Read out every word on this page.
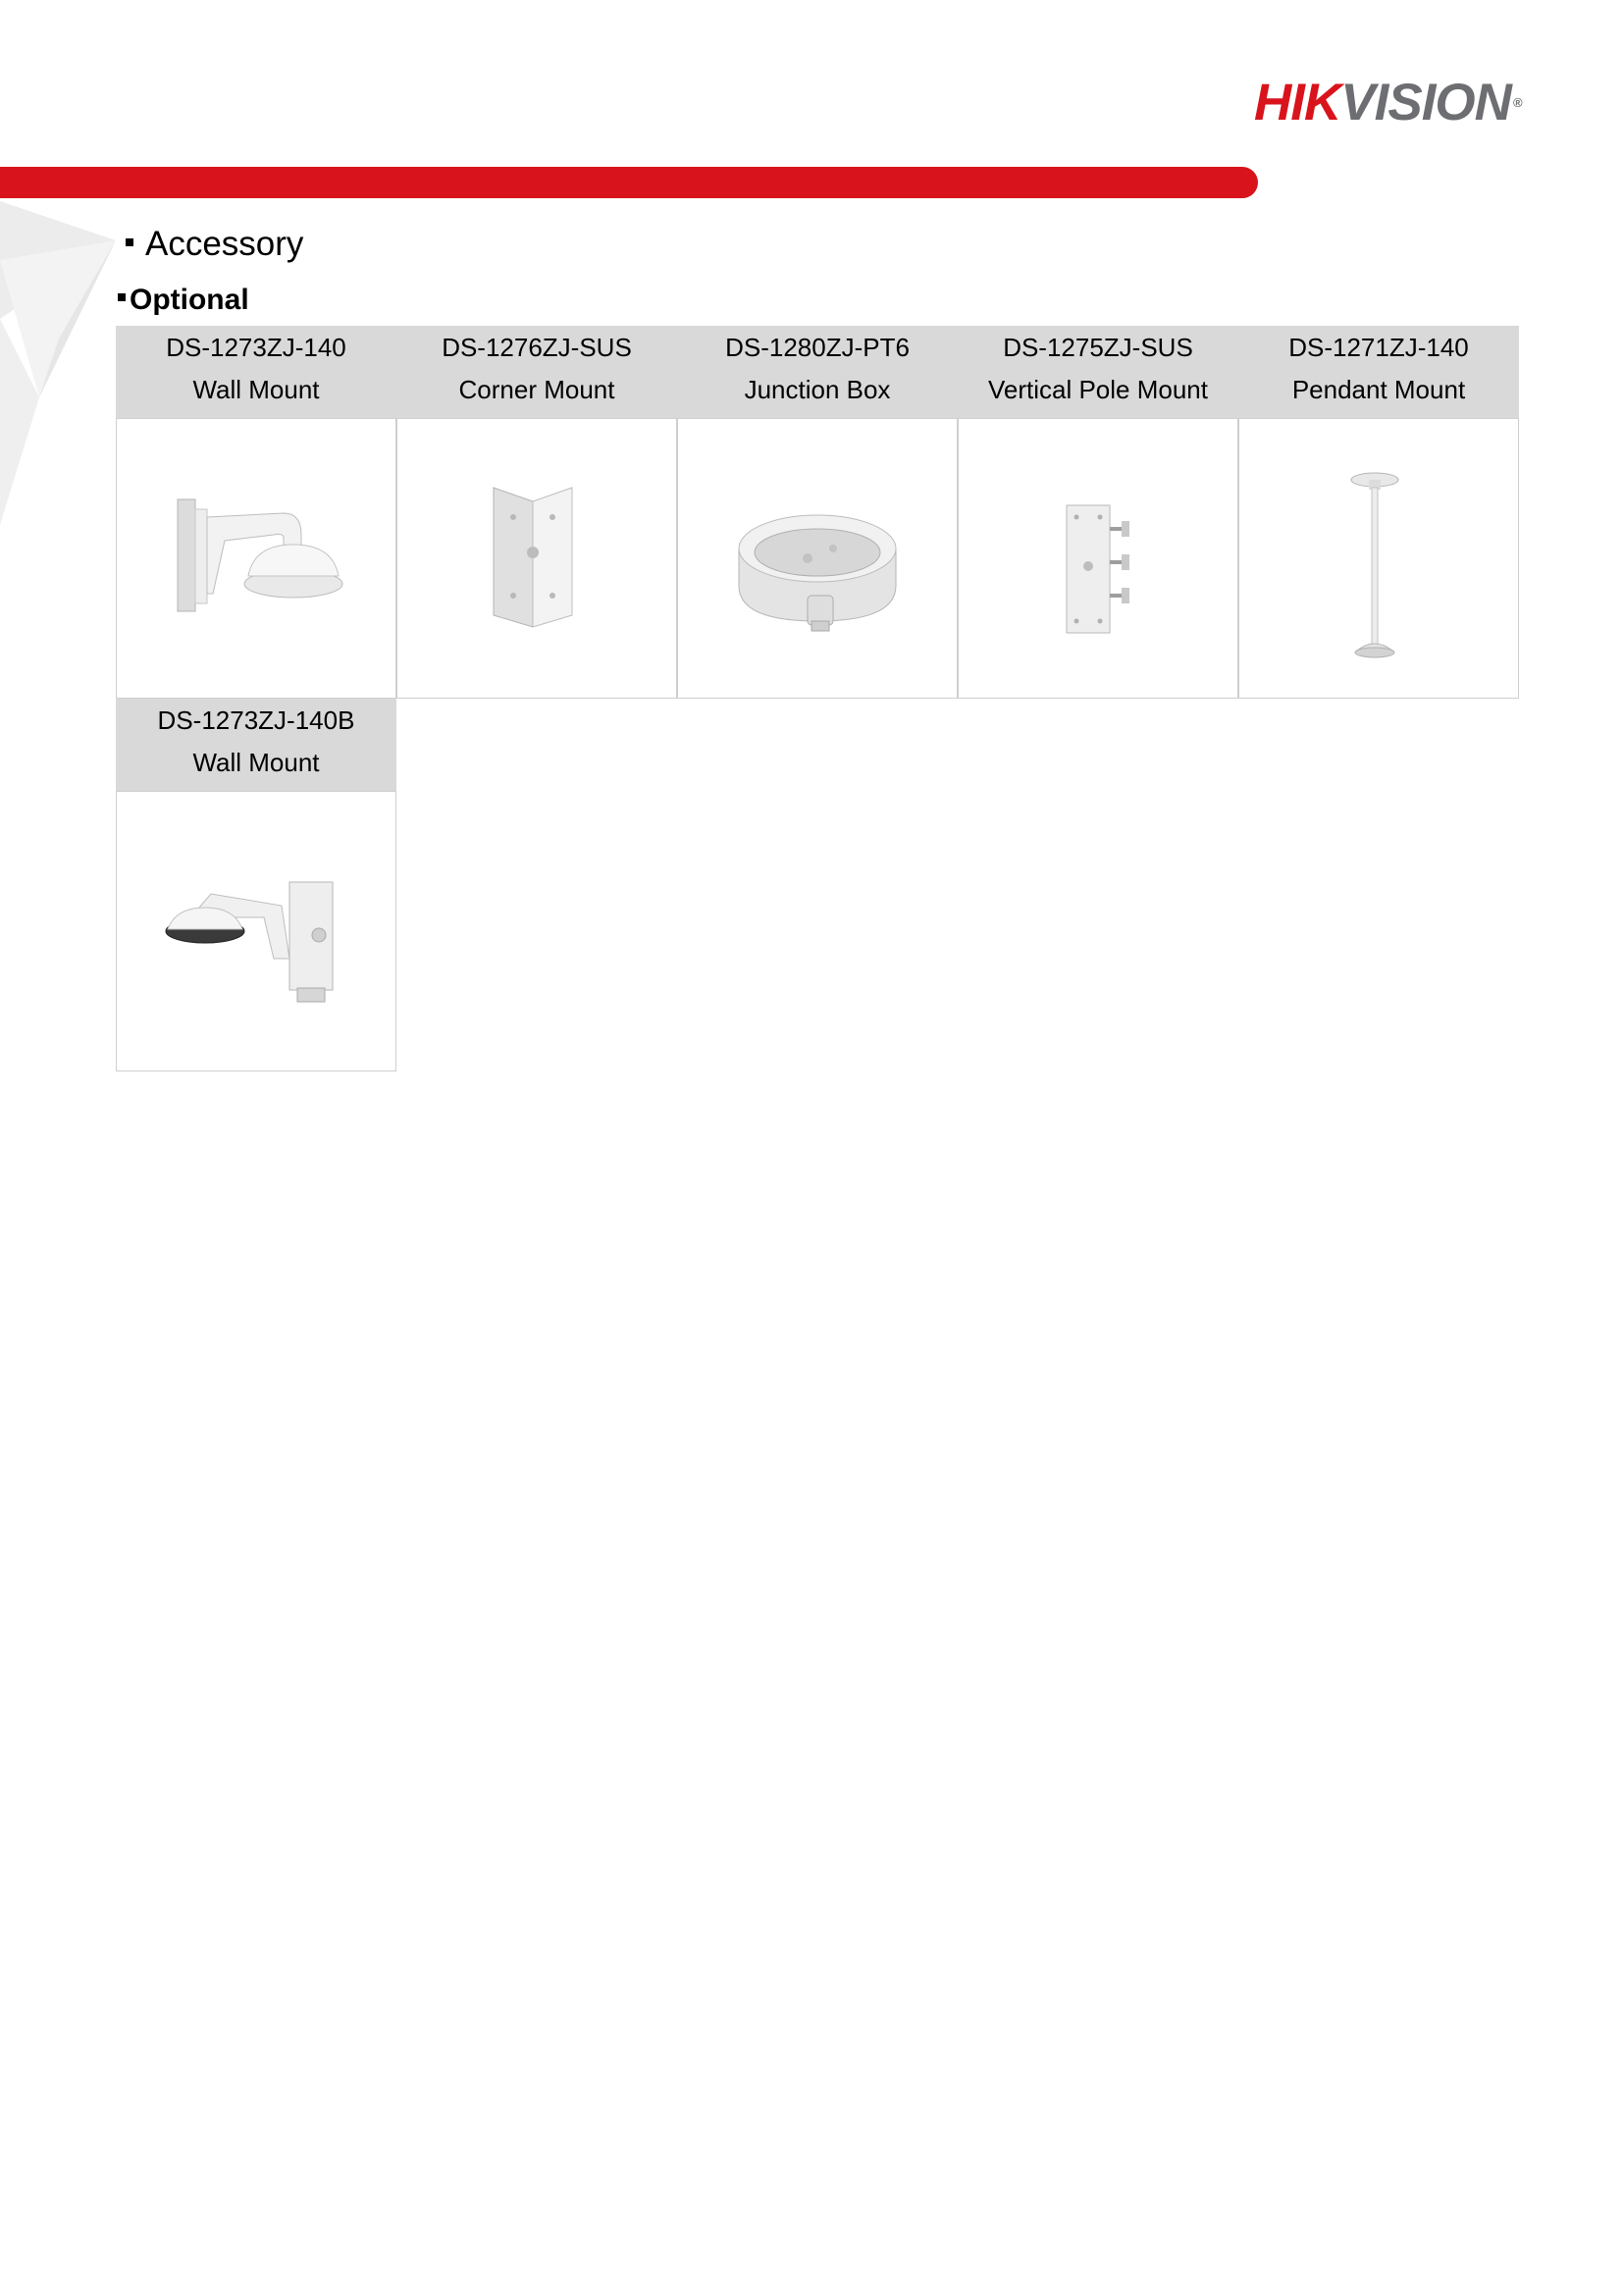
HIKVISION ®
Accessory
Optional
DS-1273ZJ-140
Wall Mount
DS-1276ZJ-SUS
Corner Mount
DS-1280ZJ-PT6
Junction Box
DS-1275ZJ-SUS
Vertical Pole Mount
DS-1271ZJ-140
Pendant Mount
DS-1273ZJ-140B
Wall Mount
